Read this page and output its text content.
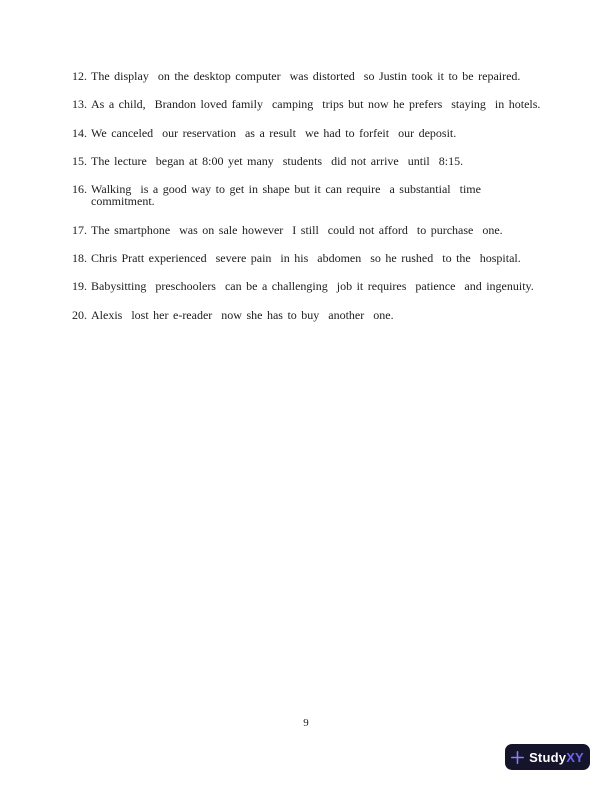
12. The display  on the desktop computer  was distorted  so Justin took it to be repaired.
13. As a child,  Brandon loved family  camping  trips but now he prefers  staying  in hotels.
14. We canceled  our reservation  as a result  we had to forfeit  our deposit.
15. The lecture  began at 8:00 yet many  students  did not arrive  until  8:15.
16. Walking  is a good way to get in shape but it can require  a substantial  time  commitment.
17. The smartphone  was on sale however  I still  could not afford  to purchase  one.
18. Chris Pratt experienced  severe pain  in his  abdomen  so he rushed  to the  hospital.
19. Babysitting  preschoolers  can be a challenging  job it requires  patience  and ingenuity.
20. Alexis  lost her e-reader  now she has to buy  another  one.
9
Study XY
